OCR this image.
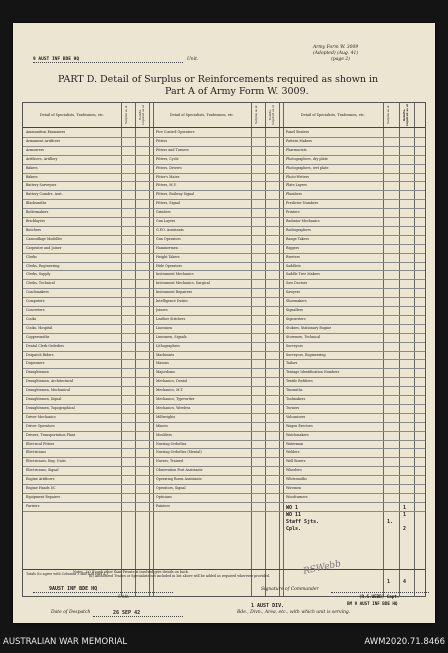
9 AUST INF BDE HQ	Unit.
Army Form W. 3009
(Adopted) (Aug. 41)
(page 2)
PART D. Detail of Surplus or Reinforcements required as shown in
Part A of Army Form W. 3009.
Detail of Specialists, Tradesmen, etc.	Surplus as at	Reinfts. required as at	Detail of Specialists, Tradesmen, etc.	Surplus as at	Reinfts. required as at	Detail of Specialists, Tradesmen, etc.	Surplus as at	Reinfts. required as at
Ammunition Examiners	Fire Control Operators	Panel Beaters
Armament Artificers	Fitters	Pattern Makers
Armourers	Fitters and Turners	Pharmacists
Artificers, Artillery	Fitters, Cycle	Photographers, dry plate
Bakers	Fitters, Drivers	Photographers, wet plate
Bakers	Fitter's Mates	Photo-Writers
Battery Surveyors	Fitters, M.V.	Plate Layers
Battery Comdrs. Asst.	Fitters, Railway Signal	Plumbers
Blacksmiths	Fitters, Signal	Predictor Numbers
Boilermakers	Grinders	Printers
Bricklayers	Gun Layers	Radiator Mechanics
Butchers	G.P.O. Assistants	Radiographers
Camouflage Modeller	Gun Operators	Range Takers
Carpenter and Joiner	Hammermen	Riggers
Clerks	Height Takers	Riveters
Clerks, Engineering	Hide Operators	Saddlers
Clerks, Supply	Instrument Mechanics	Saddle Tree Makers
Clerks, Technical	Instrument Mechanics, Surgical	Saw Doctors
Coachmakers	Instrument Repairers	Sawyers
Computers	Intelligence Duties	Shoemakers
Concreters	Joiners	Signallers
Cooks	Leather Stitchers	Signwriters
Cooks, Hospital	Linesmen	Stokers, Stationary Engine
Coppersmiths	Linesmen, Signals	Storemen, Technical
Dental Clerk Orderlies	Lithographers	Surveyors
Despatch Riders	Machinists	Surveyors, Engineering
Dispensers	Masons	Tailors
Draughtsmen	Majordomo	Tentage Identification Numbers
Draughtsmen, Architectural	Mechanics, Dental	Textile Refitters
Draughtsmen, Mechanical	Mechanics, M.T.	Tinsmiths
Draughtsmen, Signal	Mechanics, Typewriter	Toolmakers
Draughtsmen, Topographical	Mechanics, Wireless	Turners
Driver Mechanics	Millwrights	Vulcanisers
Driver Operators	Miners	Wagon Erectors
Drivers, Transportation Plant	Moulders	Watchmakers
Electrical Fitters	Nursing Orderlies	Waterman
Electricians	Nursing Orderlies (Mental)	Welders
Electricians, Eng. Units	Nurses, Trained	Well Borers
Electricians, Signal	Observation Post Assistants	Wheelers
Engine Artificers	Operating Room Assistants	Whitesmiths
Engine Hands I/C	Operators, Signal	Wiremen
Equipment Repairer	Opticians	Woodturners
Farriers	Painters	WO 1	1
WO 11	1
Staff Sjts.	1.
Cpls.	2
Totals (to agree with Columns 3 and 4 of Part A.)
1	4
Notes—(a) If rank other than Private is involved give details on back.
(b) Authorized Trades or Specialists not included in list above will be added as required wherever provided.	RSWebb
9AUST INF BDE HQ
Unit.
Signature of Commander
(R.S.WEBB) Capt.
BM 9 AUST INF BDE HQ
Date of Despatch	26 SEP 42
1 AUST DIV.
Bde., Divn., Area, etc., with which unit is serving.
AUSTRALIAN WAR MEMORIAL	AWM2020.71.8466
